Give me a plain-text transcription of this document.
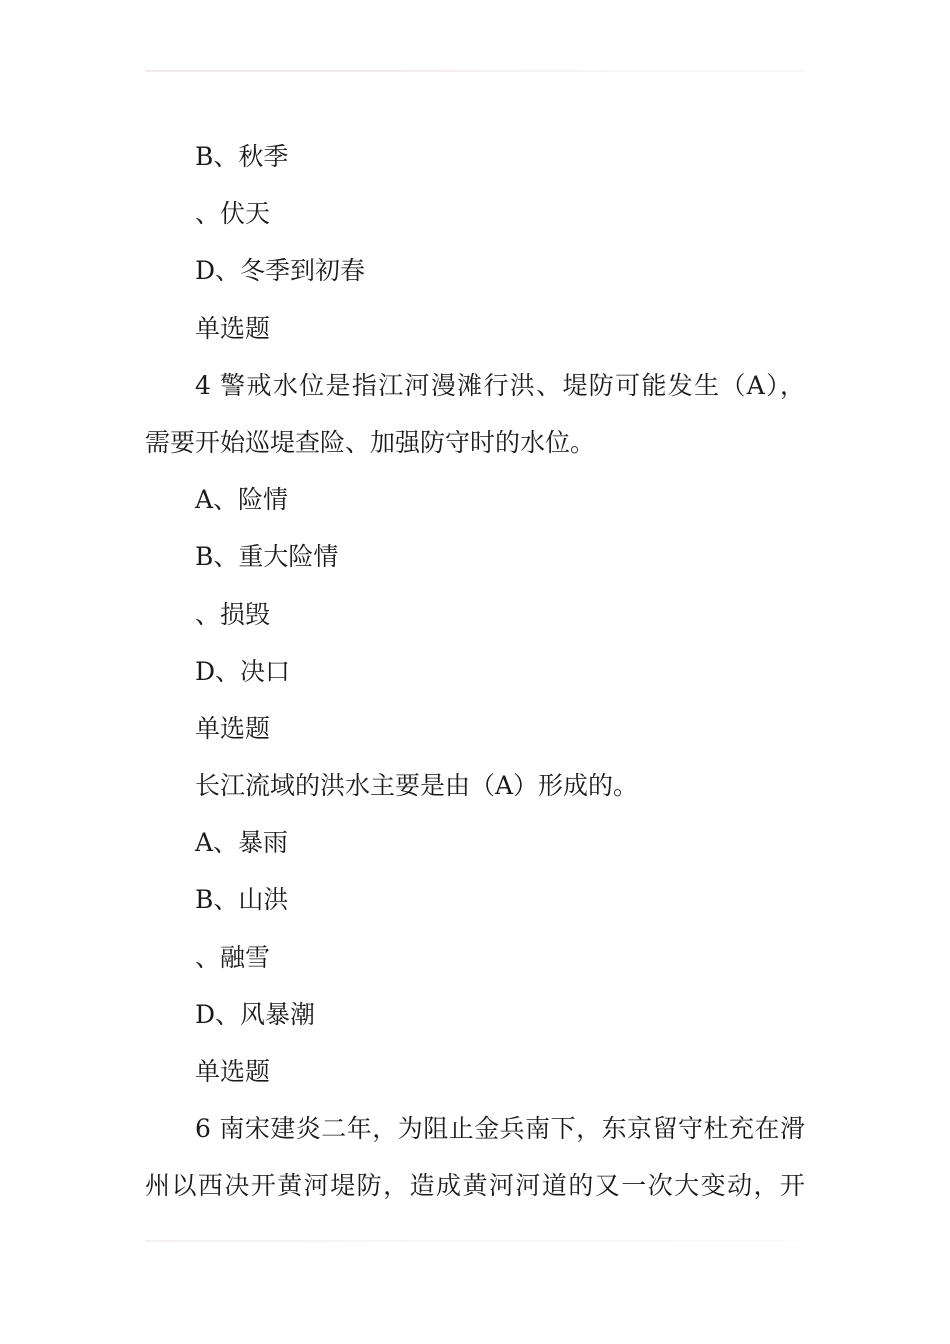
B、秋季
、伏天
D、冬季到初春
单选题
4 警戒水位是指江河漫滩行洪、堤防可能发生（A），
需要开始巡堤查险、加强防守时的水位。
A、险情
B、重大险情
、损毁
D、决口
单选题
长江流域的洪水主要是由（A）形成的。
A、暴雨
B、山洪
、融雪
D、风暴潮
单选题
6 南宋建炎二年，为阻止金兵南下，东京留守杜充在滑
州以西决开黄河堤防，造成黄河河道的又一次大变动，开
